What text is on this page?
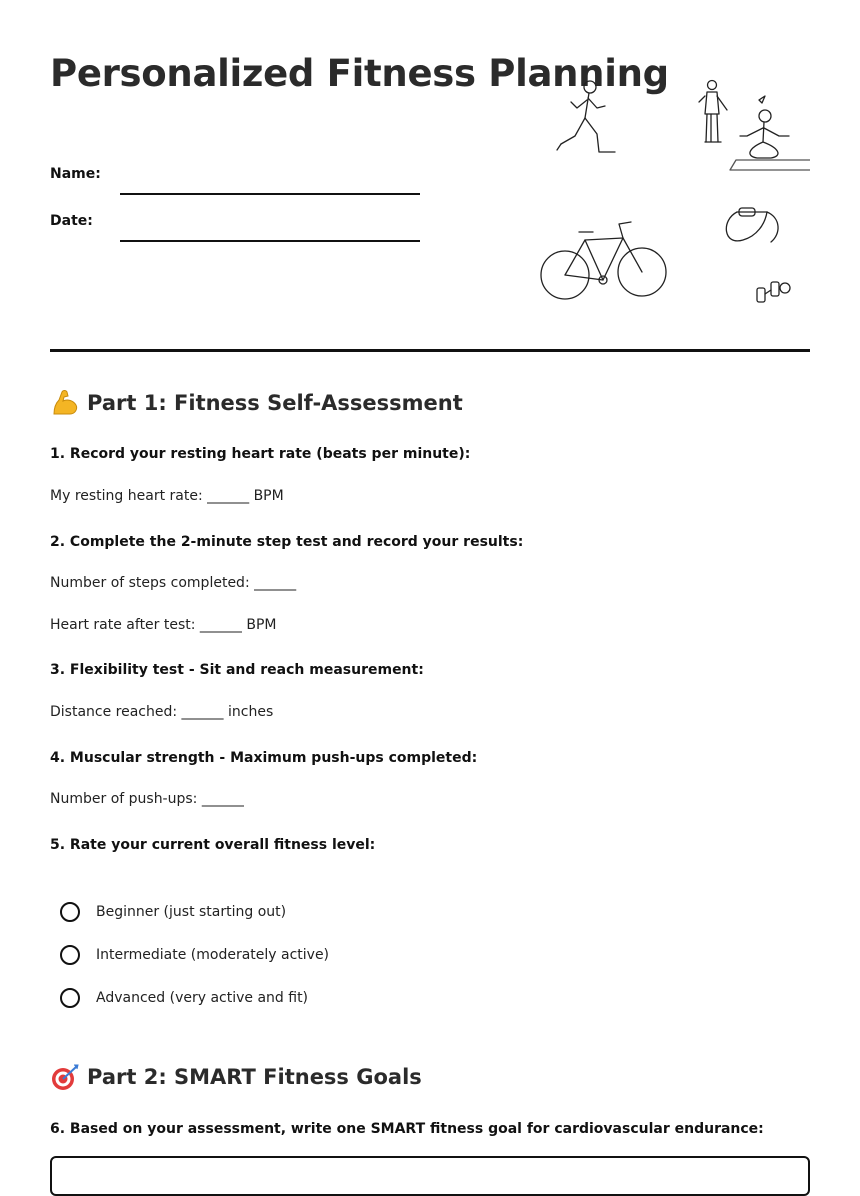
Personalized Fitness Planning
Name:
Date:
Part 1: Fitness Self-Assessment

1. Record your resting heart rate (beats per minute):

My resting heart rate: ______ BPM

2. Complete the 2-minute step test and record your results:

Number of steps completed: ______

Heart rate after test: ______ BPM

3. Flexibility test - Sit and reach measurement:

Distance reached: ______ inches

4. Muscular strength - Maximum push-ups completed:

Number of push-ups: ______

5. Rate your current overall fitness level:

Beginner (just starting out)
Intermediate (moderately active)
Advanced (very active and fit)
Part 2: SMART Fitness Goals

6. Based on your assessment, write one SMART fitness goal for cardiovascular endurance:
